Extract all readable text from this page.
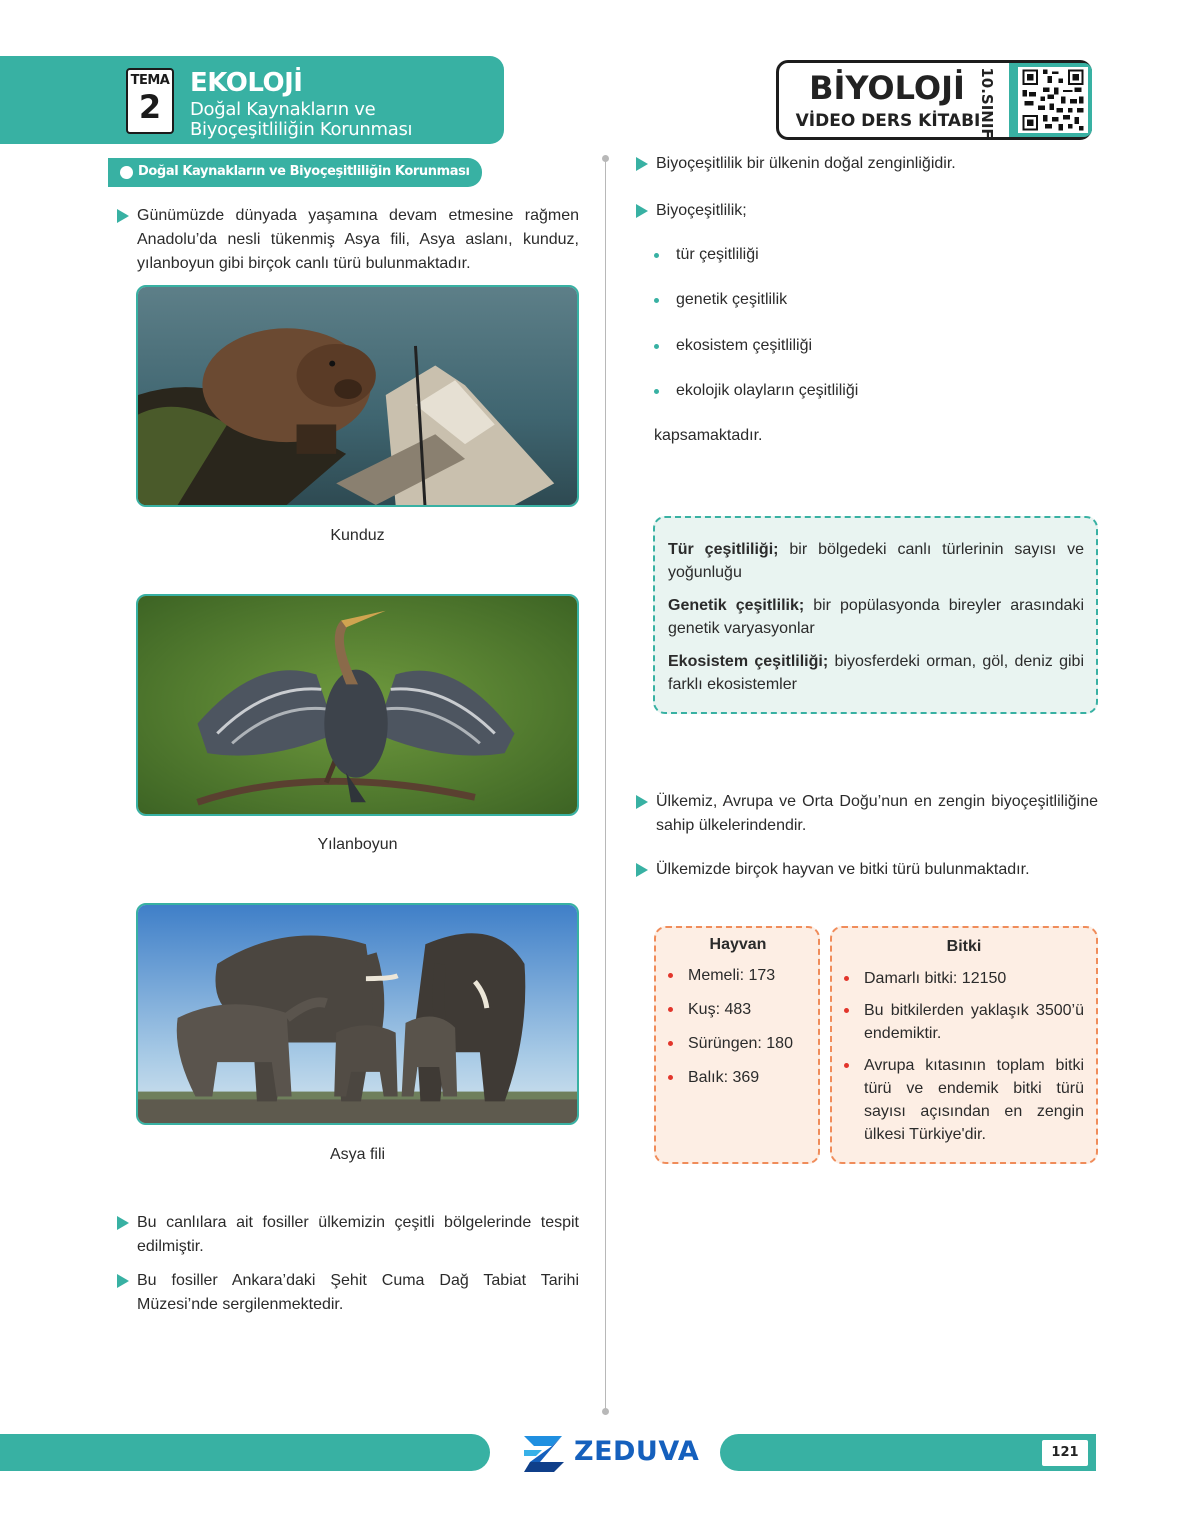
TEMA
2
EKOLOJİ
Doğal Kaynakların ve Biyoçeşitliliğin Korunması
BİYOLOJİ
VİDEO DERS KİTABI
10.SINIF
Doğal Kaynakların ve Biyoçeşitliliğin Korunması
Günümüzde dünyada yaşamına devam etmesine rağmen Anadolu’da nesli tükenmiş Asya fili, Asya aslanı, kunduz, yılanboyun gibi birçok canlı türü bulunmaktadır.
Kunduz
Yılanboyun
Asya fili
Bu canlılara ait fosiller ülkemizin çeşitli bölgelerinde tespit edilmiştir.
Bu fosiller Ankara’daki Şehit Cuma Dağ Tabiat Tarihi Müzesi’nde sergilenmektedir.
Biyoçeşitlilik bir ülkenin doğal zenginliğidir.
Biyoçeşitlilik;
tür çeşitliliği
genetik çeşitlilik
ekosistem çeşitliliği
ekolojik olayların çeşitliliği
kapsamaktadır.

Tür çeşitliliği; bir bölgedeki canlı türlerinin sayısı ve yoğunluğu

Genetik çeşitlilik; bir popülasyonda bireyler arasındaki genetik varyasyonlar

Ekosistem çeşitliliği; biyosferdeki orman, göl, deniz gibi farklı ekosistemler

Ülkemiz, Avrupa ve Orta Doğu’nun en zengin biyoçeşitliliğine sahip ülkelerindendir.
Ülkemizde birçok hayvan ve bitki türü bulunmaktadır.
Hayvan
Memeli: 173
Kuş: 483
Sürüngen: 180
Balık: 369
Bitki
Damarlı bitki: 12150
Bu bitkilerden yaklaşık 3500’ü endemiktir.
Avrupa kıtasının toplam bitki türü ve endemik bitki türü sayısı açısından en zengin ülkesi Türkiye'dir.
ZEDUVA	121
